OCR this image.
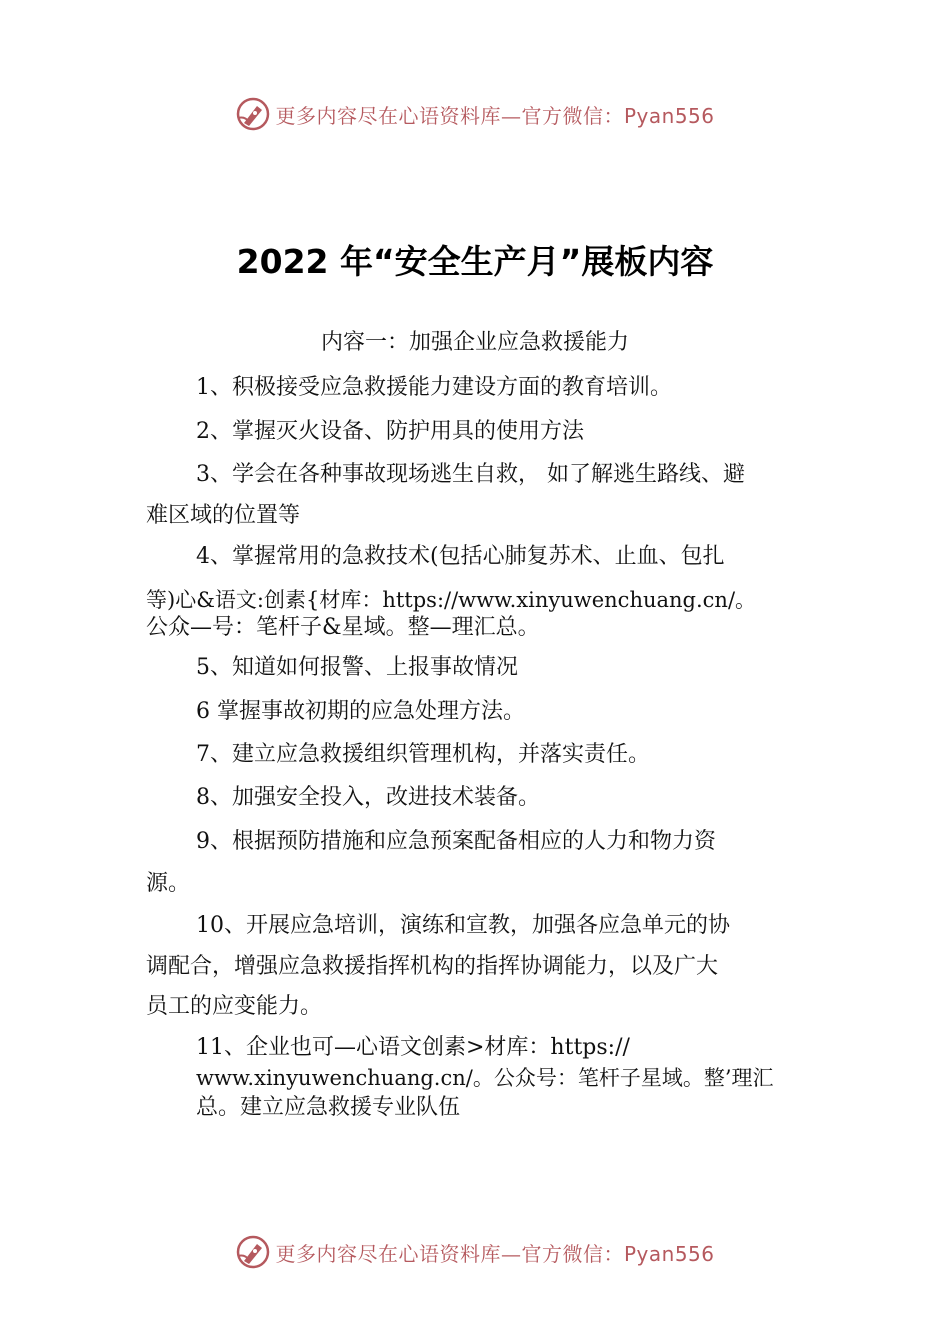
更多内容尽在心语资料库—官方微信：Pyan556
2022 年“安全生产月”展板内容

内容一：加强企业应急救援能力

1、积极接受应急救援能力建设方面的教育培训。

2、掌握灭火设备、防护用具的使用方法

3、学会在各种事故现场逃生自救， 如了解逃生路线、避

难区域的位置等

4、掌握常用的急救技术(包括心肺复苏术、止血、包扎

等)心&语文:创素{材库：https://www.xinyuwenchuang.cn/。

公众—号：笔杆子&星域。整—理汇总。

5、知道如何报警、上报事故情况

6 掌握事故初期的应急处理方法。

7、建立应急救援组织管理机构，并落实责任。

8、加强安全投入，改进技术装备。

9、根据预防措施和应急预案配备相应的人力和物力资

源。

10、开展应急培训，演练和宣教，加强各应急单元的协

调配合，增强应急救援指挥机构的指挥协调能力，以及广大

员工的应变能力。

11、企业也可—心语文创素>材库：https://

www.xinyuwenchuang.cn/。公众号：笔杆子星域。整’理汇

总。建立应急救援专业队伍

更多内容尽在心语资料库—官方微信：Pyan556
